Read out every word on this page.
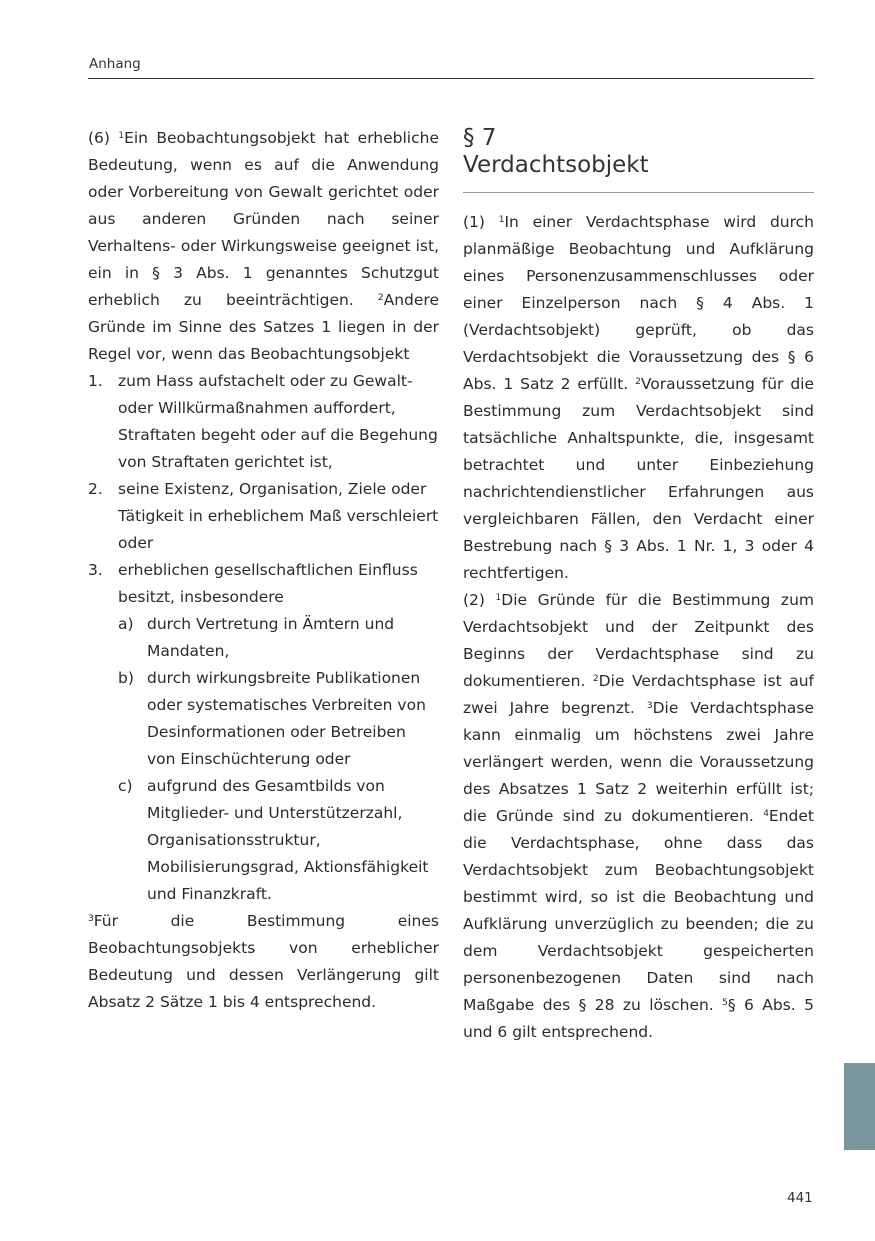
Anhang

(6) $^1$Ein Beobachtungsobjekt hat erhebliche Bedeutung, wenn es auf die Anwendung oder Vorbereitung von Gewalt gerichtet oder aus anderen Gründen nach seiner Verhaltens- oder Wirkungsweise geeignet ist, ein in § 3 Abs. 1 genanntes Schutzgut erheblich zu beeinträchtigen. $^2$Andere Gründe im Sinne des Satzes 1 liegen in der Regel vor, wenn das Beobachtungsobjekt

1. zum Hass aufstachelt oder zu Gewalt- oder Willkürmaßnahmen auffordert, Straftaten begeht oder auf die Begehung von Straftaten gerichtet ist,
2. seine Existenz, Organisation, Ziele oder Tätigkeit in erheblichem Maß verschleiert oder
3. erheblichen gesellschaftlichen Einfluss besitzt, insbesondere
a) durch Vertretung in Ämtern und Mandaten,
b) durch wirkungsbreite Publikationen oder systematisches Verbreiten von Desinformationen oder Betreiben von Einschüchterung oder
c) aufgrund des Gesamtbilds von Mitglieder- und Unterstützerzahl, Organisationsstruktur, Mobilisierungsgrad, Aktionsfähigkeit und Finanzkraft.

$^3$Für die Bestimmung eines Beobachtungsobjekts von erheblicher Bedeutung und dessen Verlängerung gilt Absatz 2 Sätze 1 bis 4 entsprechend.

§ 7
Verdachtsobjekt

(1) $^1$In einer Verdachtsphase wird durch planmäßige Beobachtung und Aufklärung eines Personenzusammenschlusses oder einer Einzelperson nach § 4 Abs. 1 (Verdachtsobjekt) geprüft, ob das Verdachtsobjekt die Voraussetzung des § 6 Abs. 1 Satz 2 erfüllt. $^2$Voraussetzung für die Bestimmung zum Verdachtsobjekt sind tatsächliche Anhaltspunkte, die, insgesamt betrachtet und unter Einbeziehung nachrichtendienstlicher Erfahrungen aus vergleichbaren Fällen, den Verdacht einer Bestrebung nach § 3 Abs. 1 Nr. 1, 3 oder 4 rechtfertigen.

(2) $^1$Die Gründe für die Bestimmung zum Verdachtsobjekt und der Zeitpunkt des Beginns der Verdachtsphase sind zu dokumentieren. $^2$Die Verdachtsphase ist auf zwei Jahre begrenzt. $^3$Die Verdachtsphase kann einmalig um höchstens zwei Jahre verlängert werden, wenn die Voraussetzung des Absatzes 1 Satz 2 weiterhin erfüllt ist; die Gründe sind zu dokumentieren. $^4$Endet die Verdachtsphase, ohne dass das Verdachtsobjekt zum Beobachtungsobjekt bestimmt wird, so ist die Beobachtung und Aufklärung unverzüglich zu beenden; die zu dem Verdachtsobjekt gespeicherten personenbezogenen Daten sind nach Maßgabe des § 28 zu löschen. $^5$§ 6 Abs. 5 und 6 gilt entsprechend.

441
